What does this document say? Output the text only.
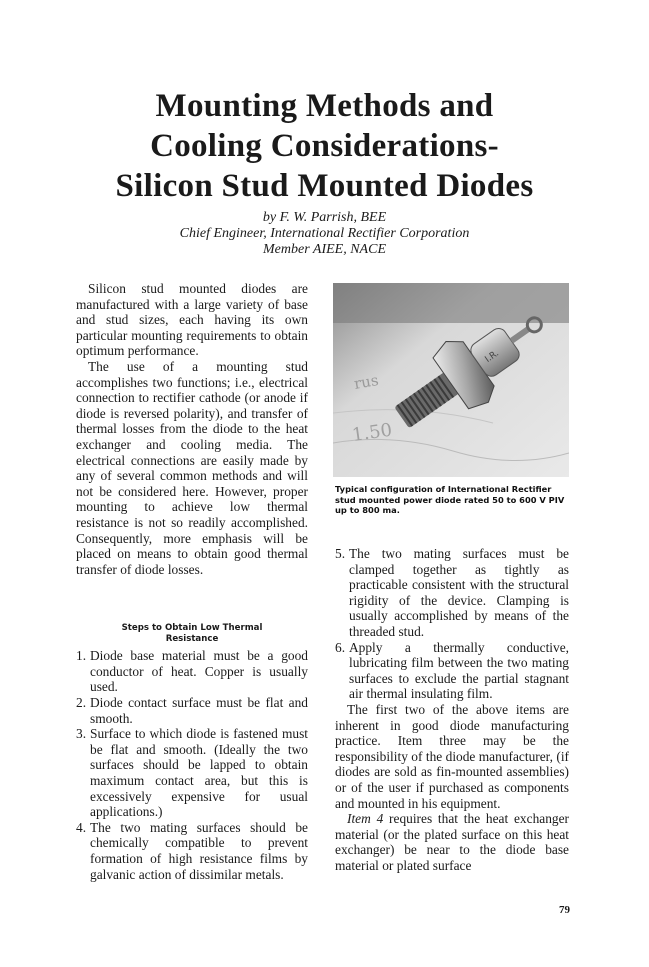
Mounting Methods and
Cooling Considerations-
Silicon Stud Mounted Diodes
by F. W. Parrish, BEE
Chief Engineer, International Rectifier Corporation
Member AIEE, NACE

Silicon stud mounted diodes are manufactured with a large variety of base and stud sizes, each having its own particular mounting requirements to obtain optimum performance.

The use of a mounting stud accomplishes two functions; i.e., electrical connection to rectifier cathode (or anode if diode is reversed polarity), and transfer of thermal losses from the diode to the heat exchanger and cooling media. The electrical connections are easily made by any of several common methods and will not be considered here. However, proper mounting to achieve low thermal resistance is not so readily accomplished. Consequently, more emphasis will be placed on means to obtain good thermal transfer of diode losses.

Steps to Obtain Low Thermal Resistance
1. Diode base material must be a good conductor of heat. Copper is usually used.
2. Diode contact surface must be flat and smooth.
3. Surface to which diode is fastened must be flat and smooth. (Ideally the two surfaces should be lapped to obtain maximum contact area, but this is excessively expensive for usual applications.)
4. The two mating surfaces should be chemically compatible to prevent formation of high resistance films by galvanic action of dissimilar metals.
rus
1.50
I.R.
Typical configuration of International Rectifier stud mounted power diode rated 50 to 600 V PIV up to 800 ma.
5. The two mating surfaces must be clamped together as tightly as practicable consistent with the structural rigidity of the device. Clamping is usually accomplished by means of the threaded stud.
6. Apply a thermally conductive, lubricating film between the two mating surfaces to exclude the partial stagnant air thermal insulating film.

The first two of the above items are inherent in good diode manufacturing practice. Item three may be the responsibility of the diode manufacturer, (if diodes are sold as fin-mounted assemblies) or of the user if purchased as components and mounted in his equipment.

Item 4 requires that the heat exchanger material (or the plated surface on this heat exchanger) be near to the diode base material or plated surface

79
